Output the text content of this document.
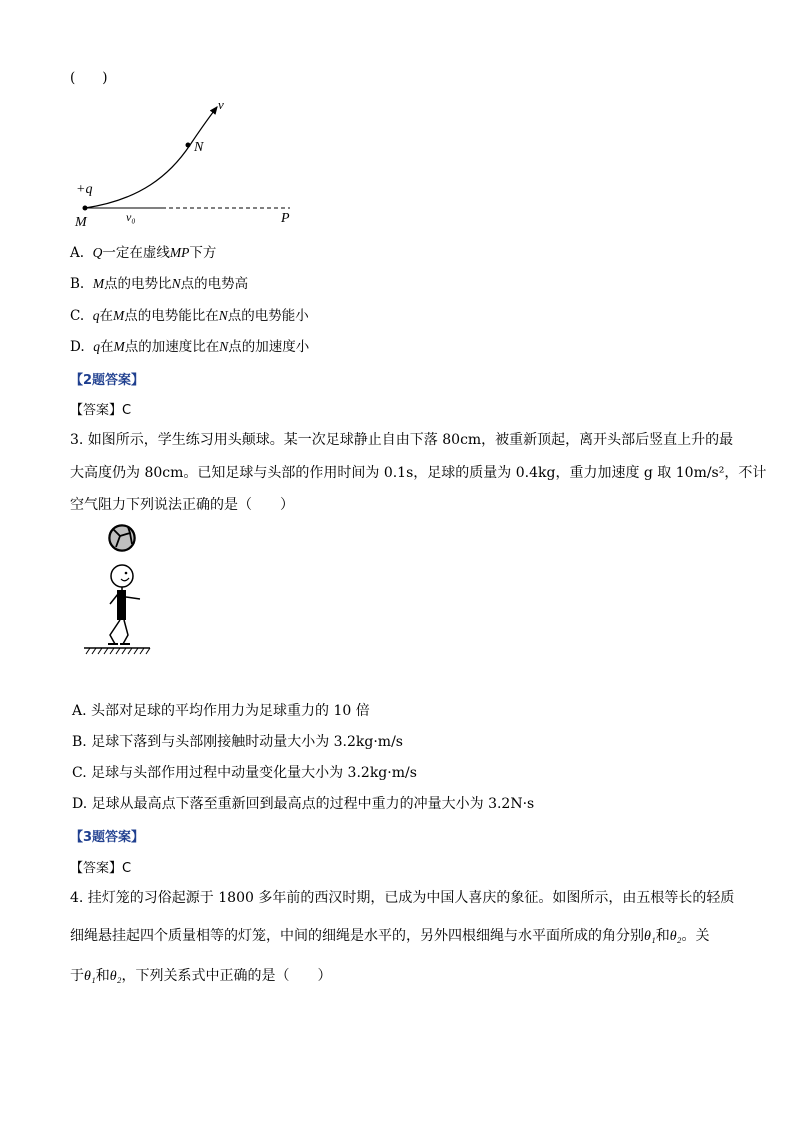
(　　)
v
N
+q
M	v₀	P
A. Q一定在虚线MP下方
B. M点的电势比N点的电势高
C. q在M点的电势能比在N点的电势能小
D. q在M点的加速度比在N点的加速度小
【2题答案】
【答案】C
3. 如图所示，学生练习用头颠球。某一次足球静止自由下落 80cm，被重新顶起，离开头部后竖直上升的最
大高度仍为 80cm。已知足球与头部的作用时间为 0.1s，足球的质量为 0.4kg，重力加速度 g 取 10m/s²，不计
空气阻力下列说法正确的是（　　）
A. 头部对足球的平均作用力为足球重力的 10 倍
B. 足球下落到与头部刚接触时动量大小为 3.2kg·m/s
C. 足球与头部作用过程中动量变化量大小为 3.2kg·m/s
D. 足球从最高点下落至重新回到最高点的过程中重力的冲量大小为 3.2N·s
【3题答案】
【答案】C
4. 挂灯笼的习俗起源于 1800 多年前的西汉时期，已成为中国人喜庆的象征。如图所示，由五根等长的轻质
细绳悬挂起四个质量相等的灯笼，中间的细绳是水平的，另外四根细绳与水平面所成的角分别θ₁和θ₂。关
于θ₁和θ₂，下列关系式中正确的是（　　）
